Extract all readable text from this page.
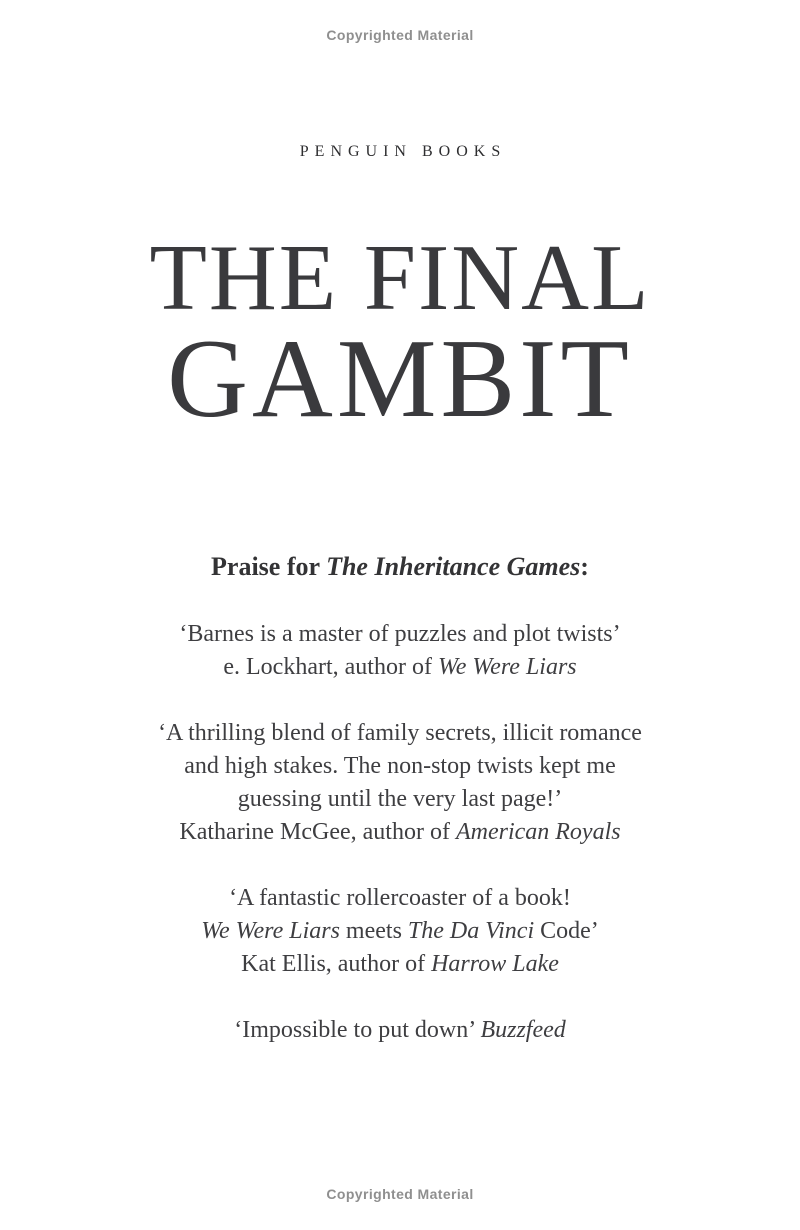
Copyrighted Material
PENGUIN BOOKS
THE FINAL
GAMBIT
Praise for The Inheritance Games:
‘Barnes is a master of puzzles and plot twists’
e. Lockhart, author of We Were Liars
‘A thrilling blend of family secrets, illicit romance
and high stakes. The non-stop twists kept me
guessing until the very last page!’
Katharine McGee, author of American Royals
‘A fantastic rollercoaster of a book!
We Were Liars meets The Da Vinci Code’
Kat Ellis, author of Harrow Lake
‘Impossible to put down’ Buzzfeed
Copyrighted Material
